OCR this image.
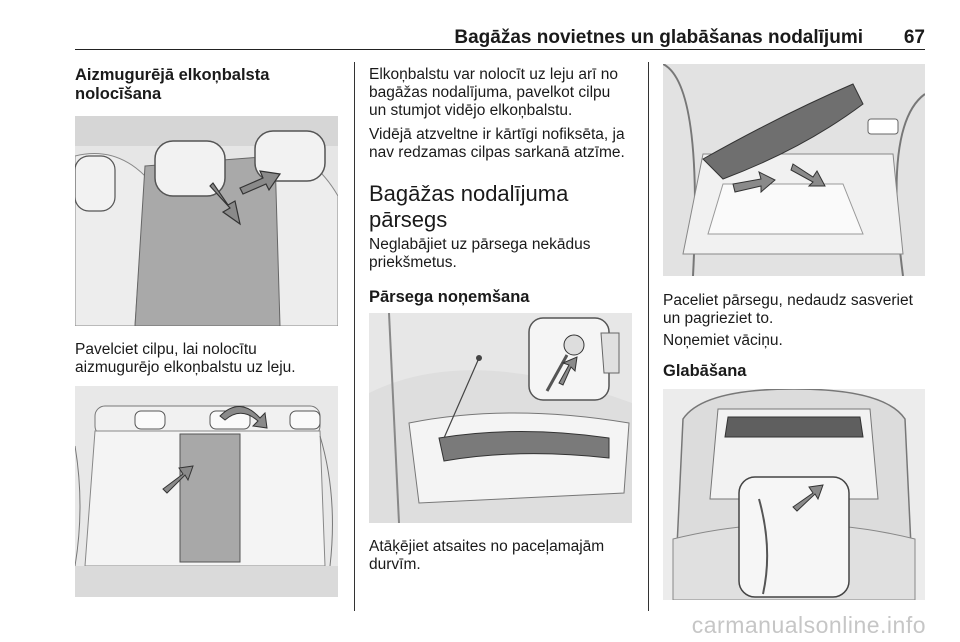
Bagāžas novietnes un glabāšanas nodalījumi 67
Aizmugurējā elkoņbalsta
nolocīšana
Pavelciet cilpu, lai nolocītu
aizmugurējo elkoņbalstu uz leju.
Elkoņbalstu var nolocīt uz leju arī no
bagāžas nodalījuma, pavelkot cilpu
un stumjot vidējo elkoņbalstu.
Vidējā atzveltne ir kārtīgi nofiksēta, ja
nav redzamas cilpas sarkanā atzīme.
Bagāžas nodalījuma
pārsegs
Neglabājiet uz pārsega nekādus
priekšmetus.
Pārsega noņemšana
Atāķējiet atsaites no paceļamajām
durvīm.
Paceliet pārsegu, nedaudz sasveriet
un pagrieziet to.
Noņemiet vāciņu.
Glabāšana
carmanualsonline.info
